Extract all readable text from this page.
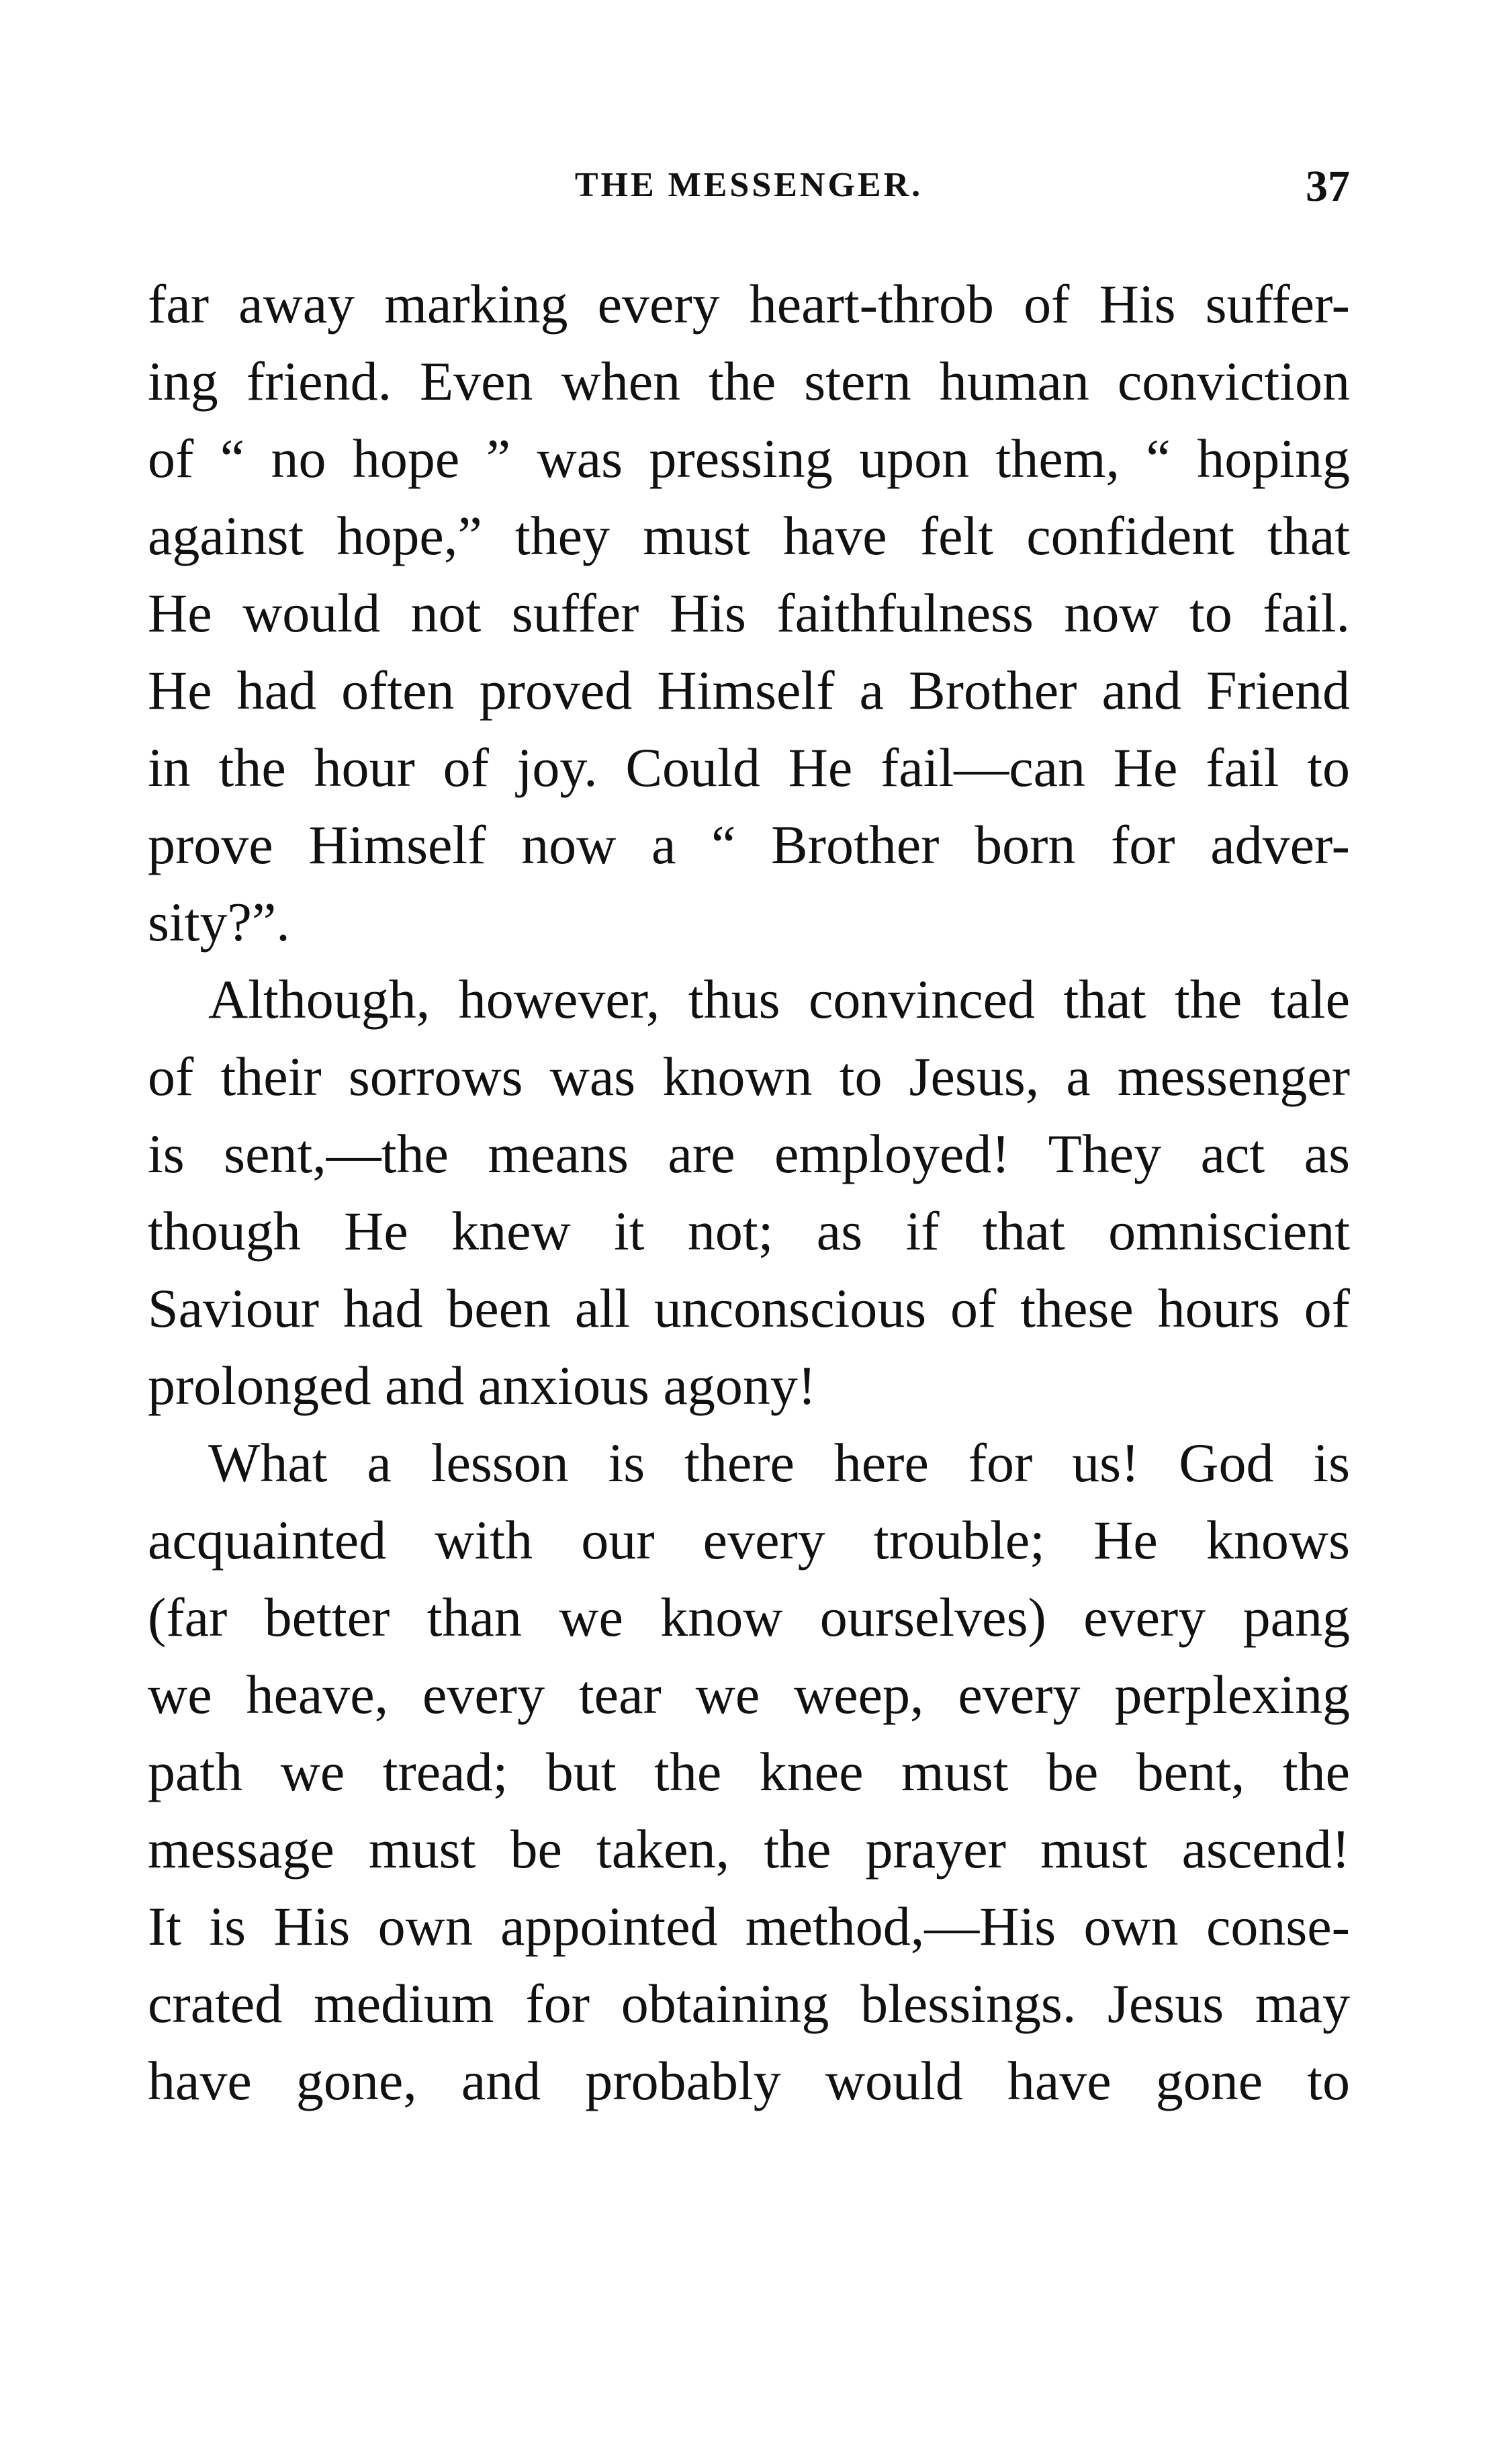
THE MESSENGER.	37
far away marking every heart-throb of His suffer-
ing friend. Even when the stern human conviction
of “ no hope ” was pressing upon them, “ hoping
against hope,” they must have felt confident that
He would not suffer His faithfulness now to fail.
He had often proved Himself a Brother and Friend
in the hour of joy. Could He fail—can He fail to
prove Himself now a “ Brother born for adver-
sity?”.
Although, however, thus convinced that the tale
of their sorrows was known to Jesus, a messenger
is sent,—the means are employed! They act as
though He knew it not; as if that omniscient
Saviour had been all unconscious of these hours of
prolonged and anxious agony!
What a lesson is there here for us! God is
acquainted with our every trouble; He knows
(far better than we know ourselves) every pang
we heave, every tear we weep, every perplexing
path we tread; but the knee must be bent, the
message must be taken, the prayer must ascend!
It is His own appointed method,—His own conse-
crated medium for obtaining blessings. Jesus may
have gone, and probably would have gone to
